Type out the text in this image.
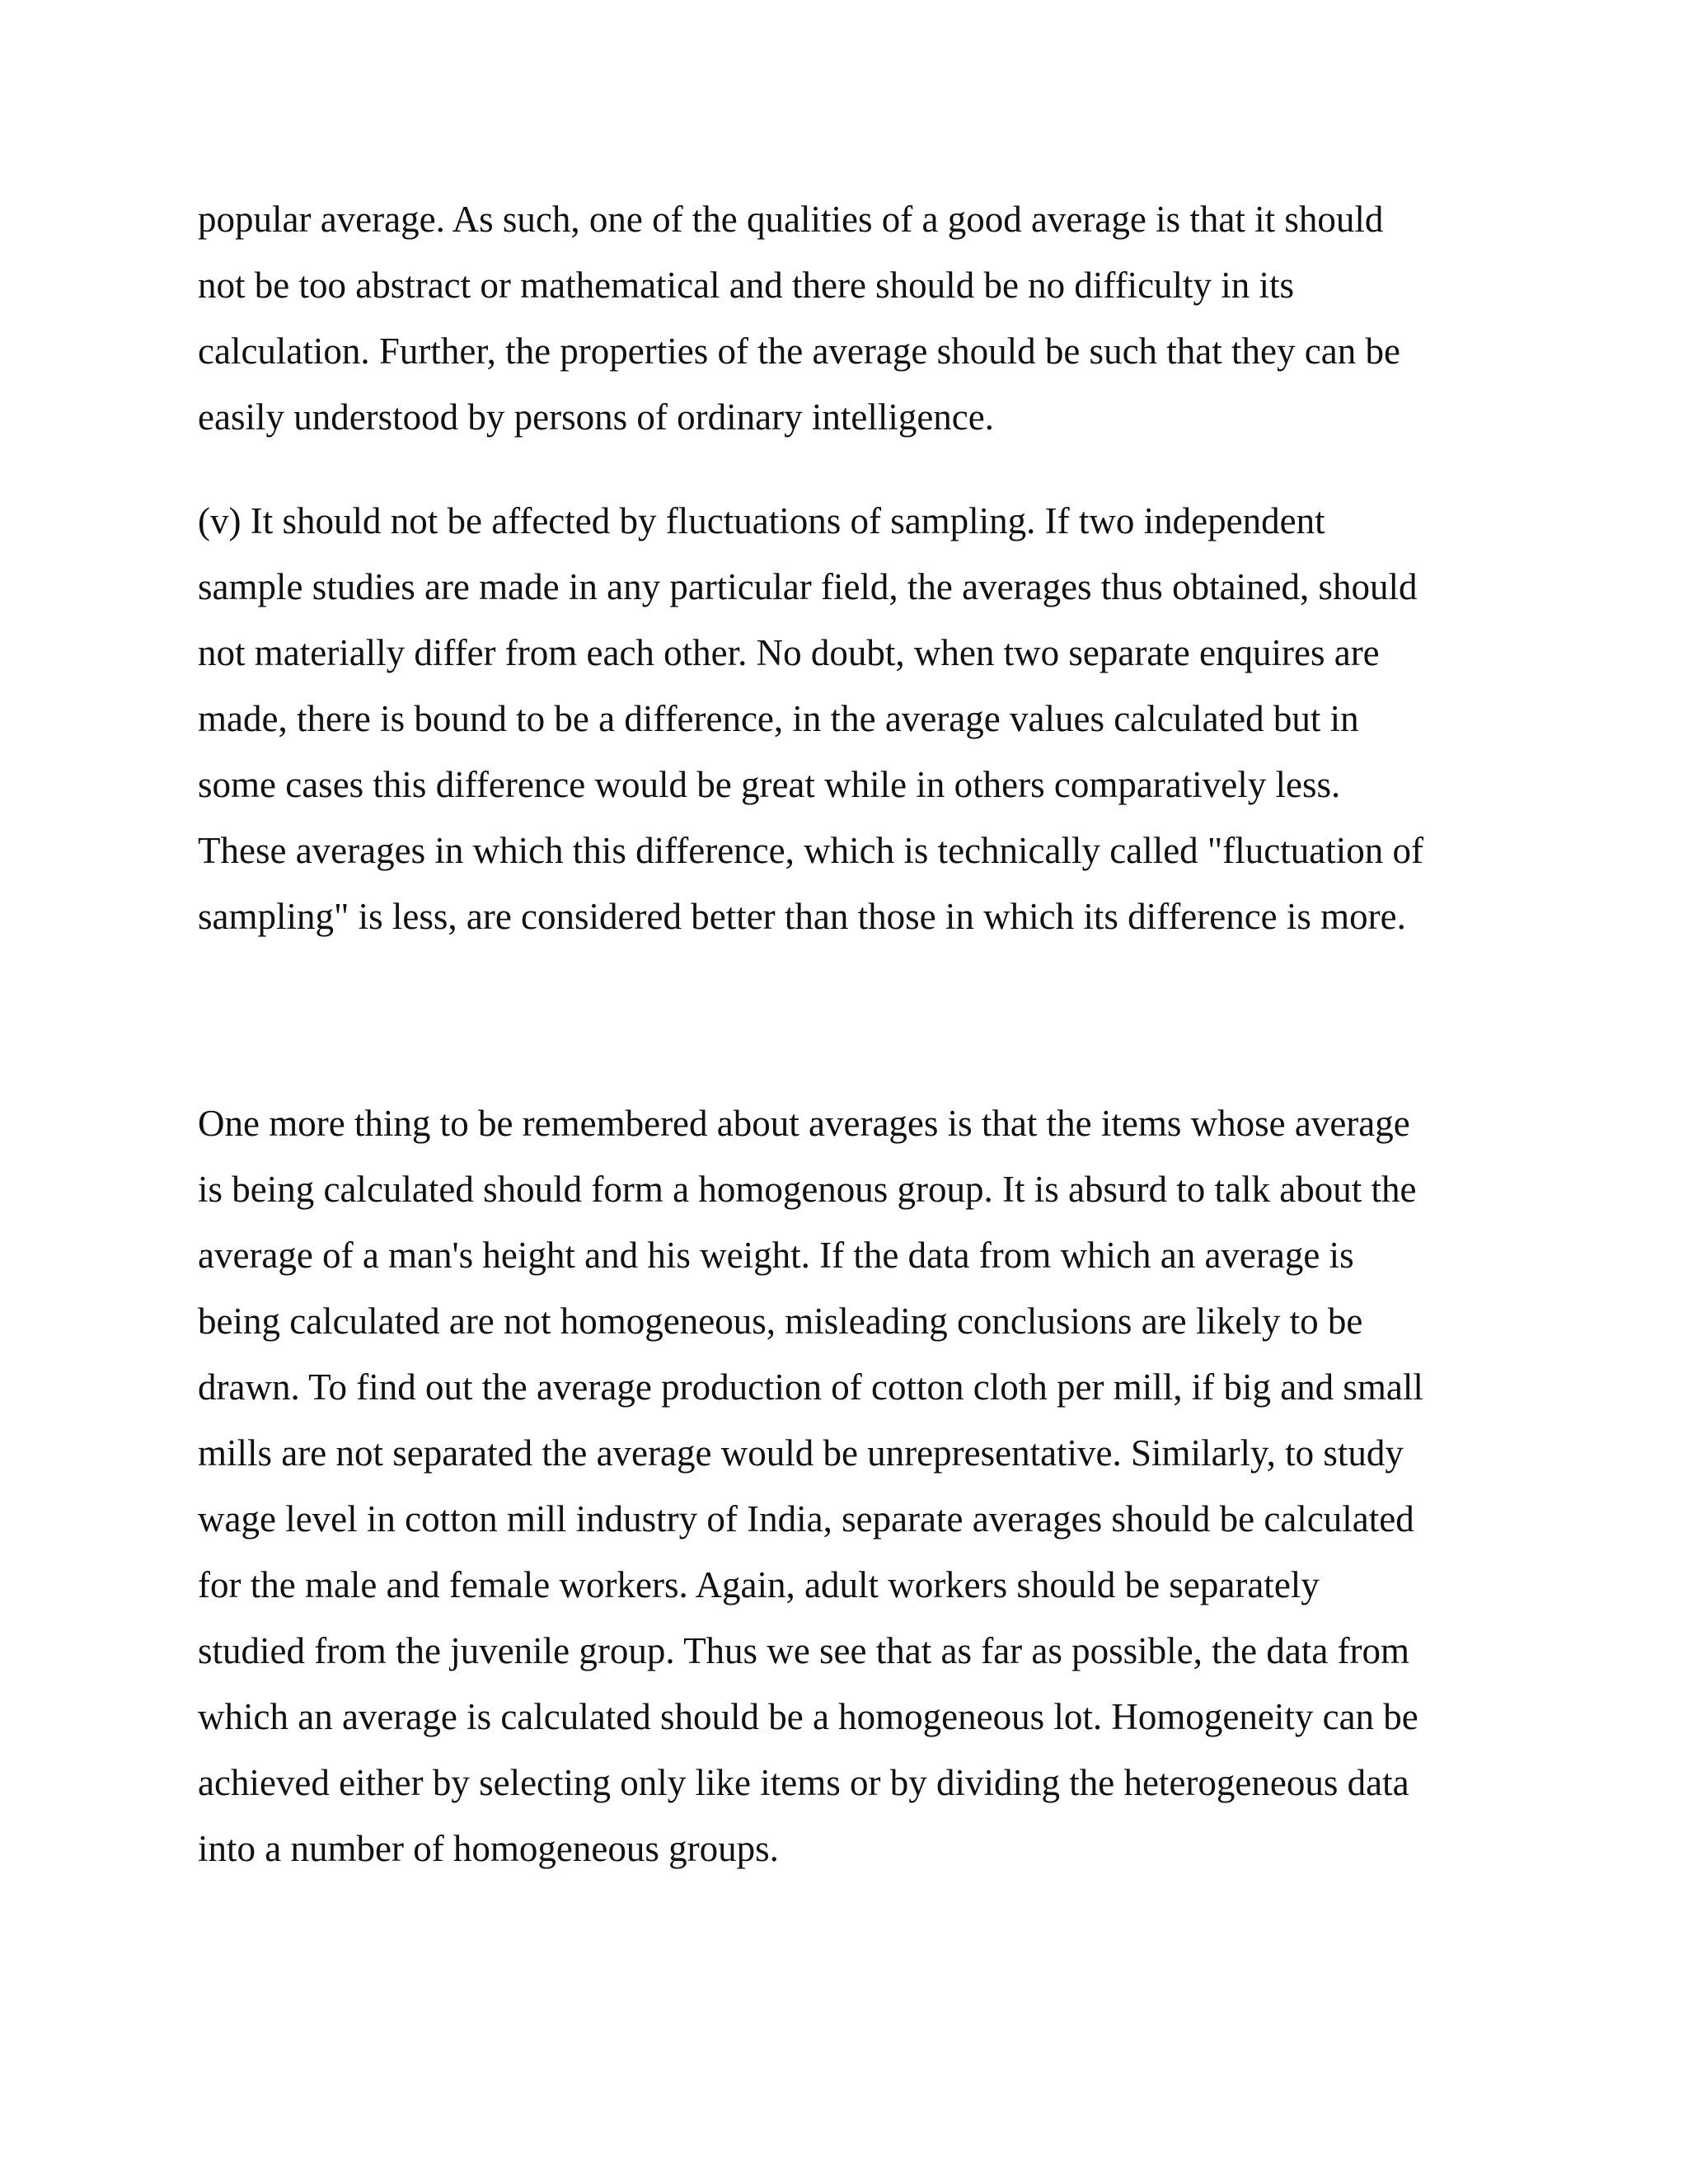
popular average. As such, one of the qualities of a good average is that it should

not be too abstract or mathematical and there should be no difficulty in its

calculation. Further, the properties of the average should be such that they can be

easily understood by persons of ordinary intelligence.

(v) It should not be affected by fluctuations of sampling. If two independent

sample studies are made in any particular field, the averages thus obtained, should

not materially differ from each other. No doubt, when two separate enquires are

made, there is bound to be a difference, in the average values calculated but in

some cases this difference would be great while in others comparatively less.

These averages in which this difference, which is technically called "fluctuation of

sampling" is less, are considered better than those in which its difference is more.

One more thing to be remembered about averages is that the items whose average

is being calculated should form a homogenous group. It is absurd to talk about the

average of a man's height and his weight. If the data from which an average is

being calculated are not homogeneous, misleading conclusions are likely to be

drawn. To find out the average production of cotton cloth per mill, if big and small

mills are not separated the average would be unrepresentative. Similarly, to study

wage level in cotton mill industry of India, separate averages should be calculated

for the male and female workers. Again, adult workers should be separately

studied from the juvenile group. Thus we see that as far as possible, the data from

which an average is calculated should be a homogeneous lot. Homogeneity can be

achieved either by selecting only like items or by dividing the heterogeneous data

into a number of homogeneous groups.
